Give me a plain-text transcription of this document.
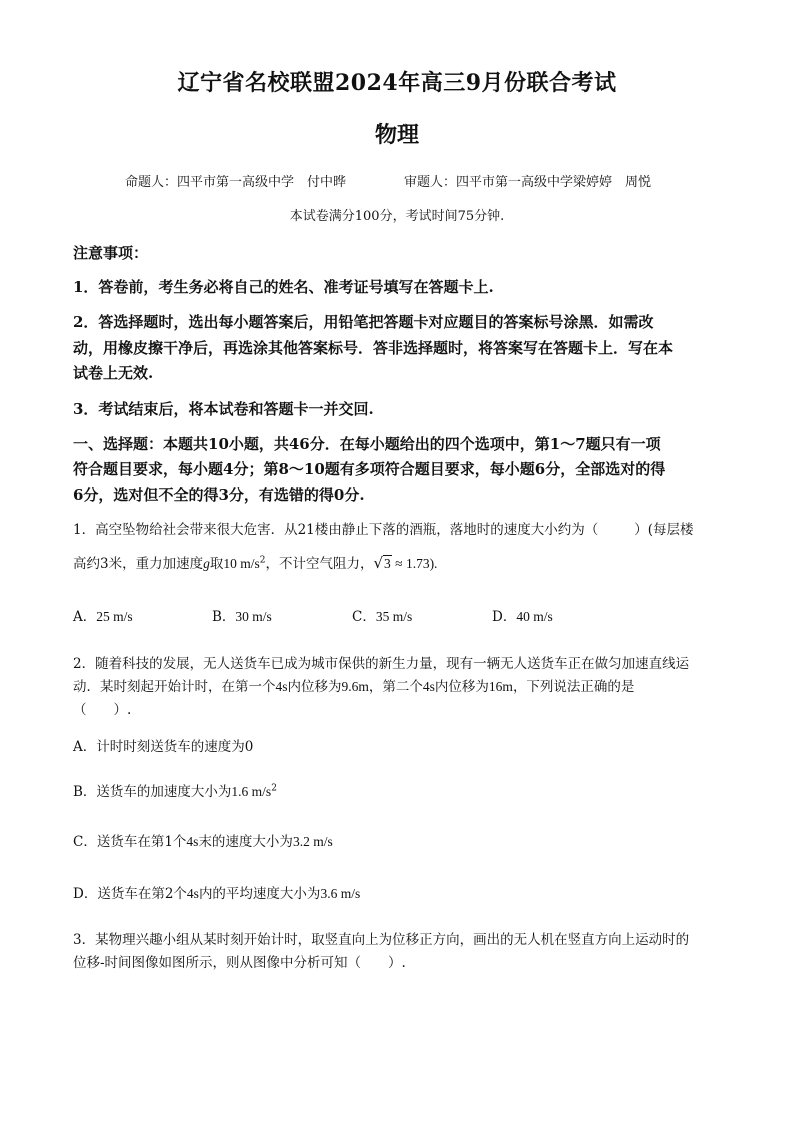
辽宁省名校联盟2024年高三9月份联合考试
物理
命题人：四平市第一高级中学　付中晔	审题人：四平市第一高级中学梁婷婷　周悦
本试卷满分100分，考试时间75分钟.
注意事项：
1．答卷前，考生务必将自己的姓名、准考证号填写在答题卡上.
2．答选择题时，选出每小题答案后，用铅笔把答题卡对应题目的答案标号涂黑．如需改
动，用橡皮擦干净后，再选涂其他答案标号．答非选择题时，将答案写在答题卡上．写在本
试卷上无效.
3．考试结束后，将本试卷和答题卡一并交回.
一、选择题：本题共10小题，共46分．在每小题给出的四个选项中，第1～7题只有一项
符合题目要求，每小题4分；第8～10题有多项符合题目要求，每小题6分，全部选对的得
6分，选对但不全的得3分，有选错的得0分.
1．高空坠物给社会带来很大危害．从21楼由静止下落的酒瓶，落地时的速度大小约为（	）(每层楼
高约3米，重力加速度g取10 $m/s^2$，不计空气阻力，√3 ≈ 1.73).
A．25 m/s	B．30 m/s	C．35 m/s	D．40 m/s
2．随着科技的发展，无人送货车已成为城市保供的新生力量，现有一辆无人送货车正在做匀加速直线运
动．某时刻起开始计时，在第一个4s内位移为9.6m，第二个4s内位移为16m，下列说法正确的是
（　　）.
A．计时时刻送货车的速度为0
B．送货车的加速度大小为1.6 $m/s^2$
C．送货车在第1个4s末的速度大小为3.2 m/s
D．送货车在第2个4s内的平均速度大小为3.6 m/s
3．某物理兴趣小组从某时刻开始计时，取竖直向上为位移正方向，画出的无人机在竖直方向上运动时的
位移-时间图像如图所示，则从图像中分析可知（　　）.
